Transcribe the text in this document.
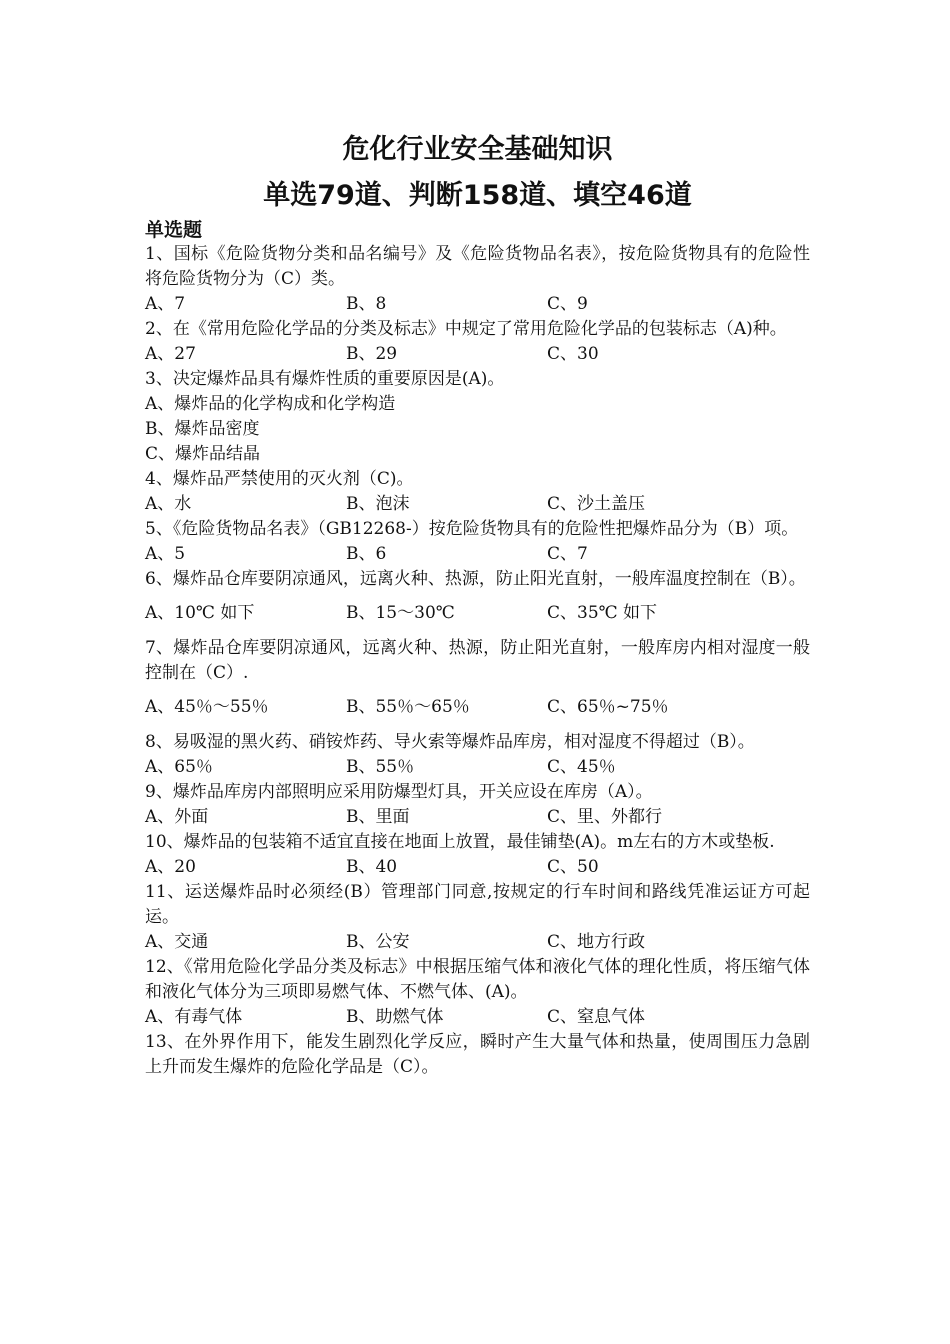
危化行业安全基础知识
单选79道、判断158道、填空46道
单选题
1、国标《危险货物分类和品名编号》及《危险货物品名表》，按危险货物具有的危险性将危险货物分为（C）类。
A、7	B、8	C、9
2、在《常用危险化学品的分类及标志》中规定了常用危险化学品的包装标志（A)种。
A、27	B、29	C、30
3、决定爆炸品具有爆炸性质的重要原因是(A)。
A、爆炸品的化学构成和化学构造
B、爆炸品密度
C、爆炸品结晶
4、爆炸品严禁使用的灭火剂（C)。
A、水	B、泡沫	C、沙土盖压
5、《危险货物品名表》（GB12268-）按危险货物具有的危险性把爆炸品分为（B）项。
A、5	B、6	C、7
6、爆炸品仓库要阴凉通风，远离火种、热源，防止阳光直射，一般库温度控制在（B）。
A、10℃ 如下	B、15～30℃	C、35℃ 如下
7、爆炸品仓库要阴凉通风，远离火种、热源，防止阳光直射，一般库房内相对湿度一般控制在（C）.
A、45％～55％	B、55％～65％	C、65％~75％
8、易吸湿的黑火药、硝铵炸药、导火索等爆炸品库房，相对湿度不得超过（B）。
A、65％	B、55％	C、45％
9、爆炸品库房内部照明应采用防爆型灯具，开关应设在库房（A）。
A、外面	B、里面	C、里、外都行
10、爆炸品的包装箱不适宜直接在地面上放置，最佳铺垫(A)。m左右的方木或垫板.
A、20	B、40	C、50
11、运送爆炸品时必须经(B）管理部门同意,按规定的行车时间和路线凭准运证方可起运。
A、交通	B、公安	C、地方行政
12、《常用危险化学品分类及标志》中根据压缩气体和液化气体的理化性质，将压缩气体和液化气体分为三项即易燃气体、不燃气体、(A)。
A、有毒气体	B、助燃气体	C、窒息气体
13、在外界作用下，能发生剧烈化学反应，瞬时产生大量气体和热量，使周围压力急剧上升而发生爆炸的危险化学品是（C）。
